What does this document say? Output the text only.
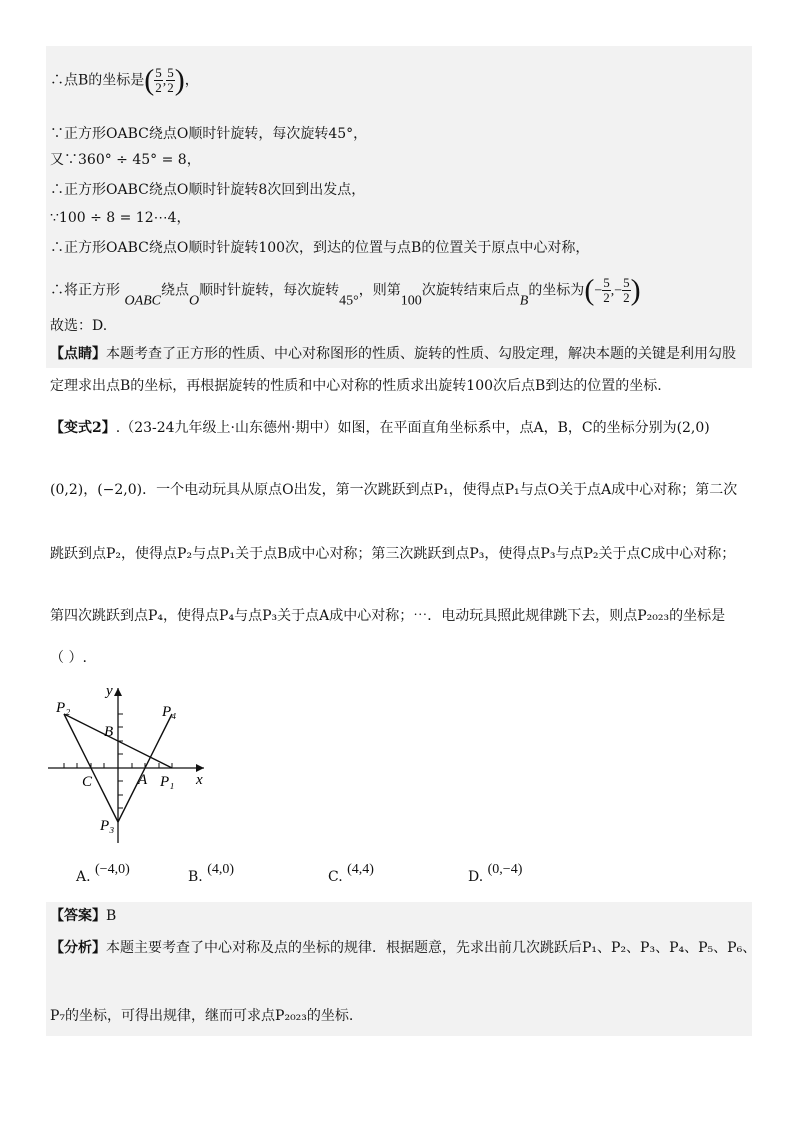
∴点B的坐标是( $\frac{5}{2}$ , $\frac{5}{2}$ )，
∵正方形OABC绕点O顺时针旋转，每次旋转45°，
又∵360° ÷ 45° = 8，
∴正方形OABC绕点O顺时针旋转8次回到出发点，
∵100 ÷ 8 = 12⋯4，
∴正方形OABC绕点O顺时针旋转100次，到达的位置与点B的位置关于原点中心对称，
∴将正方形 OABC绕点O顺时针旋转，每次旋转45°，则第100次旋转结束后点B的坐标为(− $\frac{5}{2}$ ,− $\frac{5}{2}$ )
故选：D.
【点睛】本题考查了正方形的性质、中心对称图形的性质、旋转的性质、勾股定理，解决本题的关键是利用勾股
定理求出点B的坐标，再根据旋转的性质和中心对称的性质求出旋转100次后点B到达的位置的坐标.
【变式2】.（23-24九年级上·山东德州·期中）如图，在平面直角坐标系中，点A，B，C的坐标分别为(2,0)
(0,2)，(−2,0)．一个电动玩具从原点O出发，第一次跳跃到点P₁，使得点P₁与点O关于点A成中心对称；第二次
跳跃到点P₂，使得点P₂与点P₁关于点B成中心对称；第三次跳跃到点P₃，使得点P₃与点P₂关于点C成中心对称；
第四次跳跃到点P₄，使得点P₄与点P₃关于点A成中心对称；⋯．电动玩具照此规律跳下去，则点P₂₀₂₃的坐标是
（ ）.
y
x
P₂	P₄
B
C	A P₁
P₃
A. (−4,0)	B. (4,0)	C. (4,4)	D. (0,−4)
【答案】B
【分析】本题主要考查了中心对称及点的坐标的规律．根据题意，先求出前几次跳跃后P₁、P₂、P₃、P₄、P₅、P₆、
P₇的坐标，可得出规律，继而可求点P₂₀₂₃的坐标.
